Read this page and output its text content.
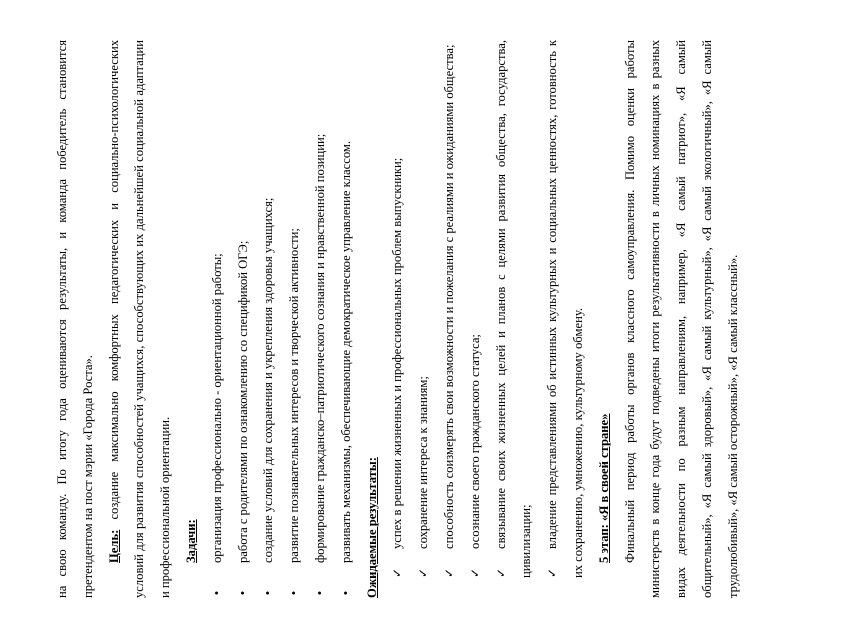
на свою команду. По итогу года оцениваются результаты, и команда победитель становится претендентом на пост мэрии «Города Роста». Цель: создание максимально комфортных педагогических и социально-психологических условий для развития способностей учащихся, способствующих их дальнейшей социальной адаптации и профессиональной ориентации. Задачи:

•
организация профессионально - ориентационной работы;
•
работа с родителями по ознакомлению со спецификой ОГЭ;
•
создание условий для сохранения и укрепления здоровья учащихся;
•
развитие познавательных интересов и творческой активности;
•
формирование гражданско–патриотического сознания и нравственной позиции;
•
развивать механизмы, обеспечивающие демократическое управление классом. Ожидаемые результаты: ✓
успех в решении жизненных и профессиональных проблем выпускники;
✓
сохранение интереса к знаниям;
✓
способность соизмерять свои возможности и пожелания с реалиями и ожиданиями общества;
✓
осознание своего гражданского статуса;
✓
связывание своих жизненных целей и планов с целями развития общества, государства, цивилизации; ✓
владение представлениями об истинных культурных и социальных ценностях, готовность к их сохранению, умножению, культурному обмену. 5 этап: «Я в своей стране» Финальный период работы органов классного самоуправления. Помимо оценки работы министерств в конце года будут подведены итоги результативности в личных номинациях в разных видах деятельности по разным направлениям, например, «Я самый патриот», «Я самый общительный», «Я самый здоровый», «Я самый культурный», «Я самый экологичный», «Я самый трудолюбивый», «Я самый осторожный», «Я самый классный».
